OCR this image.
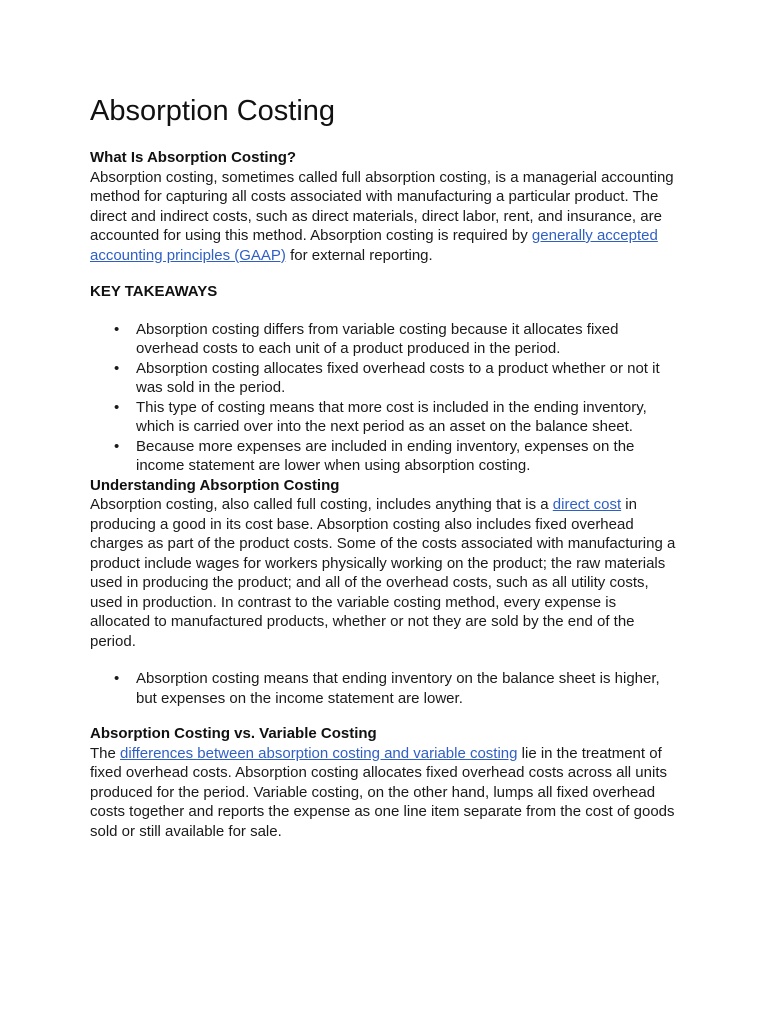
Absorption Costing
What Is Absorption Costing?

Absorption costing, sometimes called full absorption costing, is a managerial accounting method for capturing all costs associated with manufacturing a particular product. The direct and indirect costs, such as direct materials, direct labor, rent, and insurance, are accounted for using this method. Absorption costing is required by generally accepted accounting principles (GAAP) for external reporting.

KEY TAKEAWAYS
• Absorption costing differs from variable costing because it allocates fixed overhead costs to each unit of a product produced in the period.
• Absorption costing allocates fixed overhead costs to a product whether or not it was sold in the period.
• This type of costing means that more cost is included in the ending inventory, which is carried over into the next period as an asset on the balance sheet.
• Because more expenses are included in ending inventory, expenses on the income statement are lower when using absorption costing.
Understanding Absorption Costing

Absorption costing, also called full costing, includes anything that is a direct cost in producing a good in its cost base. Absorption costing also includes fixed overhead charges as part of the product costs. Some of the costs associated with manufacturing a product include wages for workers physically working on the product; the raw materials used in producing the product; and all of the overhead costs, such as all utility costs, used in production. In contrast to the variable costing method, every expense is allocated to manufactured products, whether or not they are sold by the end of the period.

• Absorption costing means that ending inventory on the balance sheet is higher, but expenses on the income statement are lower.
Absorption Costing vs. Variable Costing

The differences between absorption costing and variable costing lie in the treatment of fixed overhead costs. Absorption costing allocates fixed overhead costs across all units produced for the period. Variable costing, on the other hand, lumps all fixed overhead costs together and reports the expense as one line item separate from the cost of goods sold or still available for sale.
